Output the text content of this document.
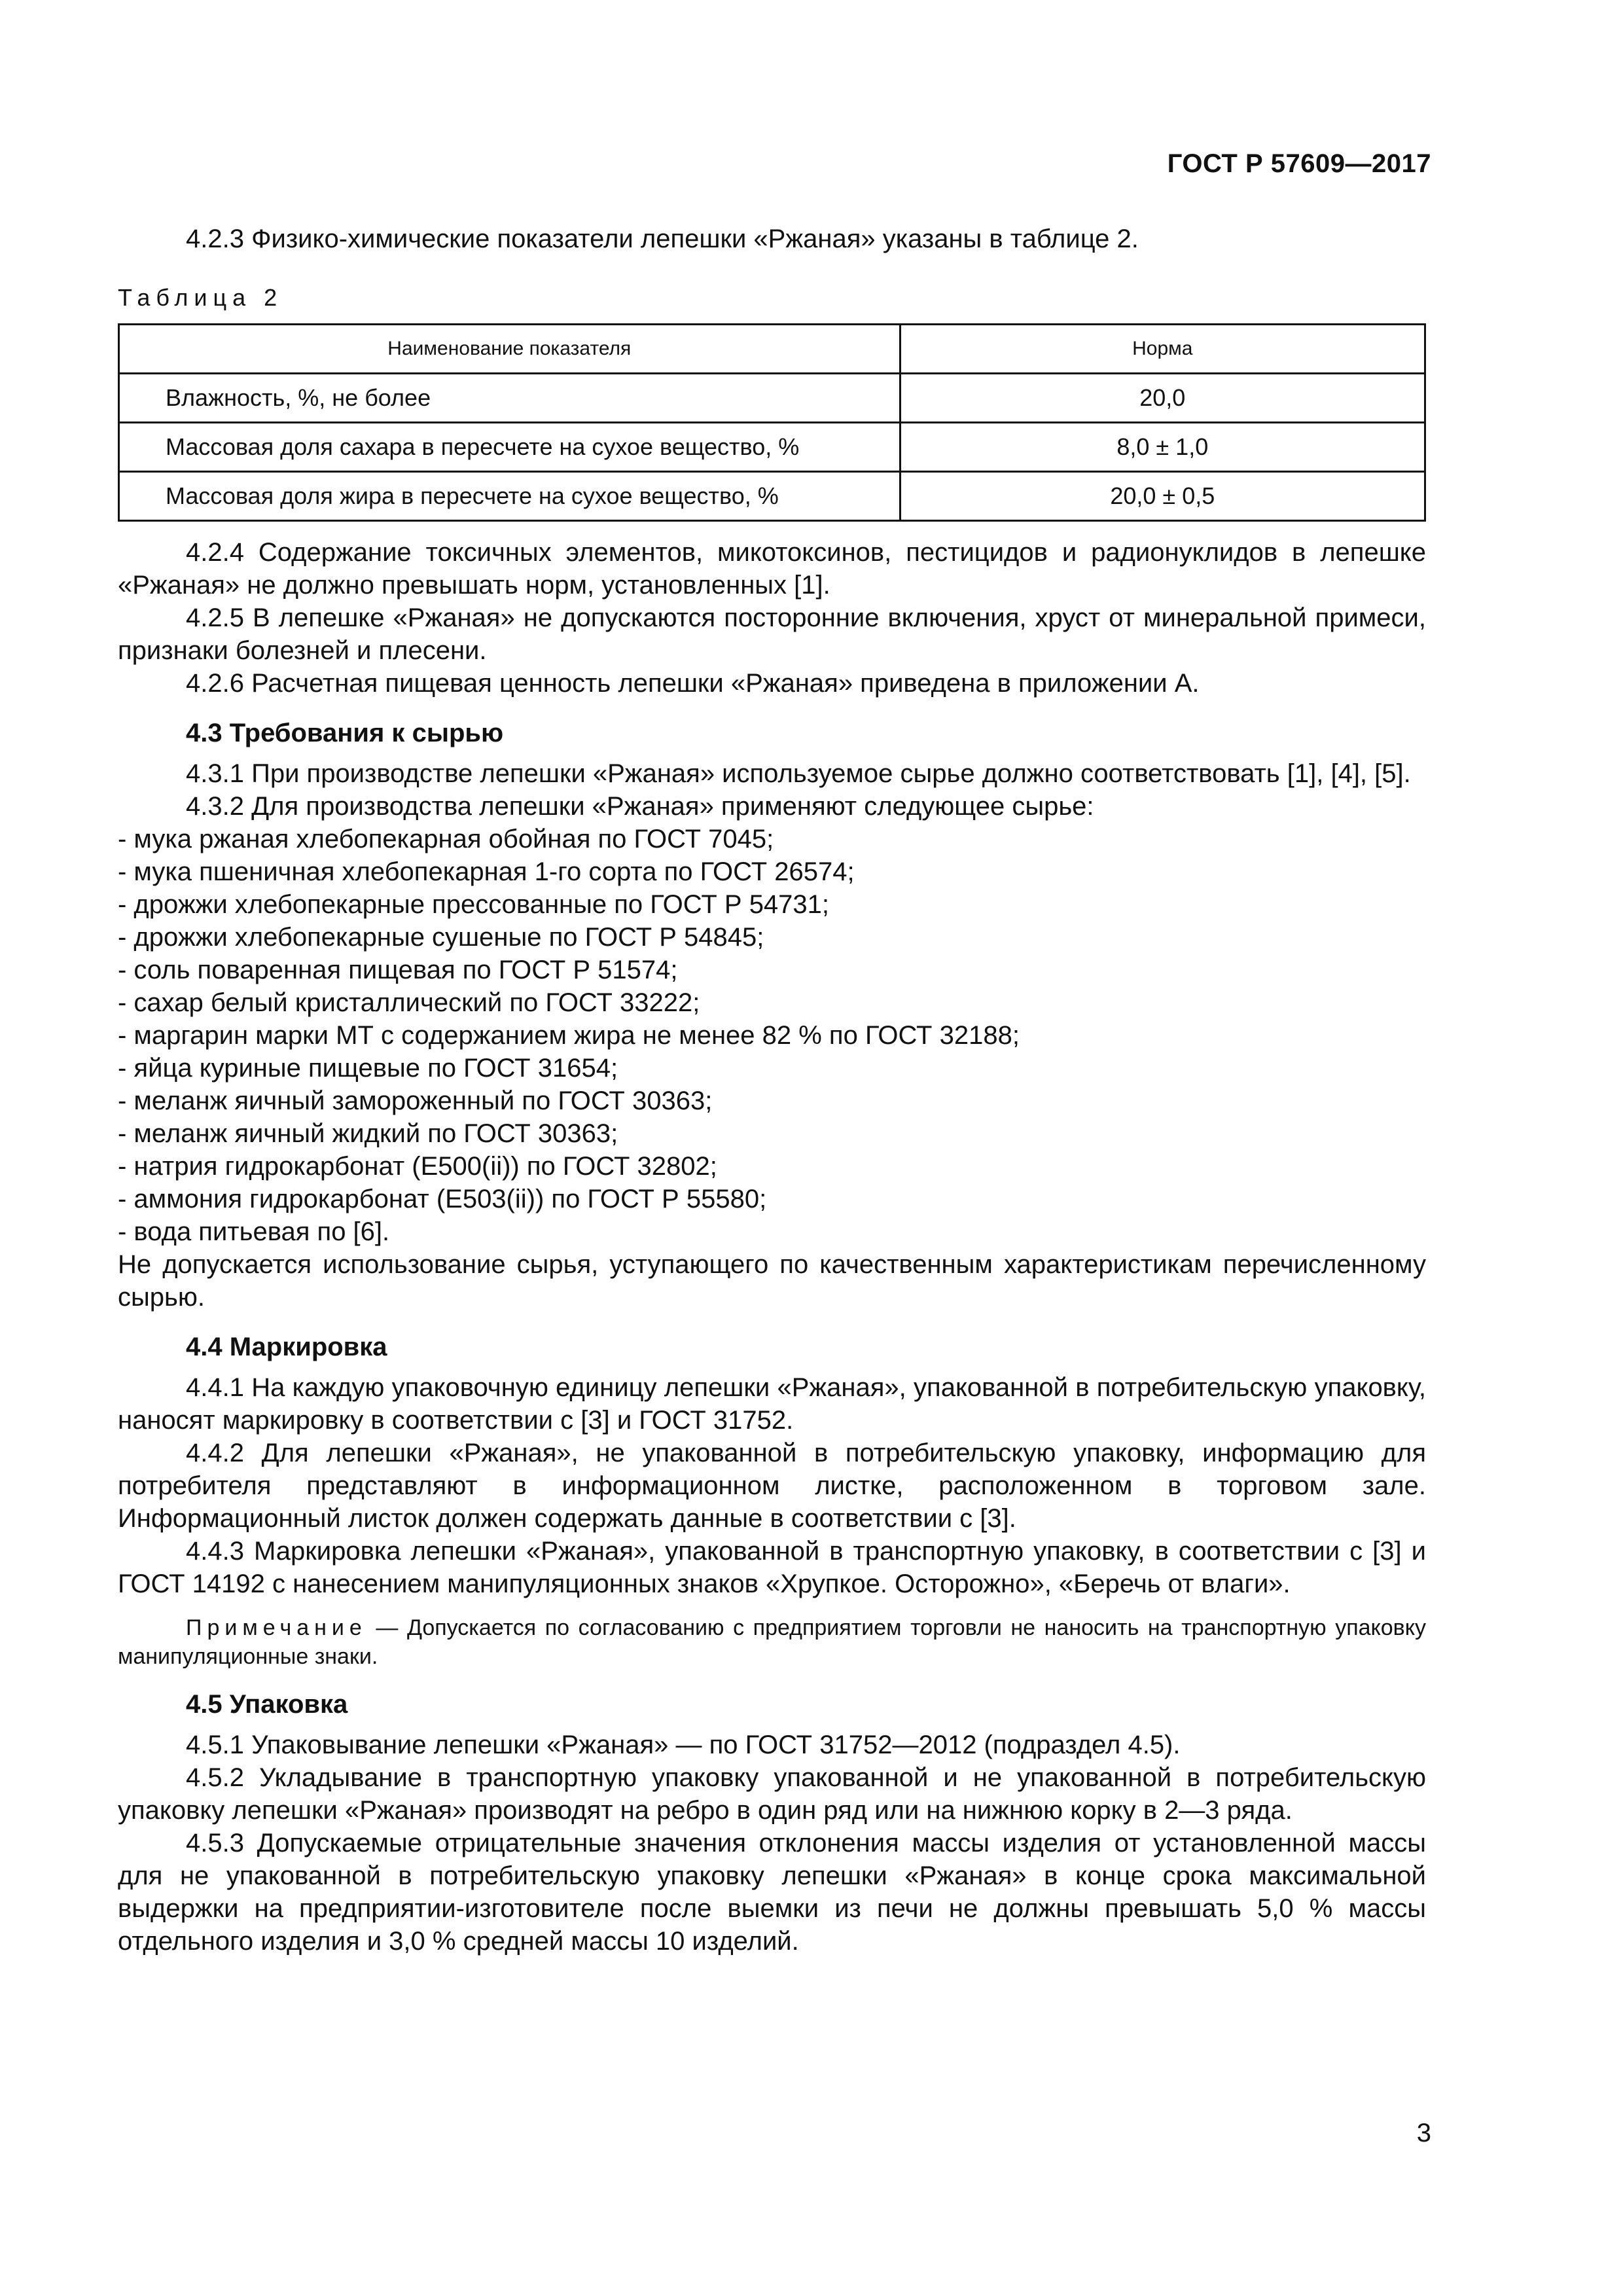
ГОСТ Р 57609—2017

4.2.3 Физико-химические показатели лепешки «Ржаная» указаны в таблице 2.

Таблица 2
Наименование показателя	Норма
Влажность, %, не более	20,0
Массовая доля сахара в пересчете на сухое вещество, %	8,0 ± 1,0
Массовая доля жира в пересчете на сухое вещество, %	20,0 ± 0,5

4.2.4 Содержание токсичных элементов, микотоксинов, пестицидов и радионуклидов в лепешке «Ржаная» не должно превышать норм, установленных [1].

4.2.5 В лепешке «Ржаная» не допускаются посторонние включения, хруст от минеральной примеси, признаки болезней и плесени.

4.2.6 Расчетная пищевая ценность лепешки «Ржаная» приведена в приложении А.

4.3 Требования к сырью

4.3.1 При производстве лепешки «Ржаная» используемое сырье должно соответствовать [1], [4], [5].

4.3.2 Для производства лепешки «Ржаная» применяют следующее сырье:

- мука ржаная хлебопекарная обойная по ГОСТ 7045;
- мука пшеничная хлебопекарная 1-го сорта по ГОСТ 26574;
- дрожжи хлебопекарные прессованные по ГОСТ Р 54731;
- дрожжи хлебопекарные сушеные по ГОСТ Р 54845;
- соль поваренная пищевая по ГОСТ Р 51574;
- сахар белый кристаллический по ГОСТ 33222;
- маргарин марки МТ с содержанием жира не менее 82 % по ГОСТ 32188;
- яйца куриные пищевые по ГОСТ 31654;
- меланж яичный замороженный по ГОСТ 30363;
- меланж яичный жидкий по ГОСТ 30363;
- натрия гидрокарбонат (Е500(ii)) по ГОСТ 32802;
- аммония гидрокарбонат (Е503(ii)) по ГОСТ Р 55580;
- вода питьевая по [6].

Не допускается использование сырья, уступающего по качественным характеристикам перечисленному сырью.

4.4 Маркировка

4.4.1 На каждую упаковочную единицу лепешки «Ржаная», упакованной в потребительскую упаковку, наносят маркировку в соответствии с [3] и ГОСТ 31752.

4.4.2 Для лепешки «Ржаная», не упакованной в потребительскую упаковку, информацию для потребителя представляют в информационном листке, расположенном в торговом зале. Информационный листок должен содержать данные в соответствии с [3].

4.4.3 Маркировка лепешки «Ржаная», упакованной в транспортную упаковку, в соответствии с [3] и ГОСТ 14192 с нанесением манипуляционных знаков «Хрупкое. Осторожно», «Беречь от влаги».

Примечание — Допускается по согласованию с предприятием торговли не наносить на транспортную упаковку манипуляционные знаки.
4.5 Упаковка

4.5.1 Упаковывание лепешки «Ржаная» — по ГОСТ 31752—2012 (подраздел 4.5).

4.5.2 Укладывание в транспортную упаковку упакованной и не упакованной в потребительскую упаковку лепешки «Ржаная» производят на ребро в один ряд или на нижнюю корку в 2—3 ряда.

4.5.3 Допускаемые отрицательные значения отклонения массы изделия от установленной массы для не упакованной в потребительскую упаковку лепешки «Ржаная» в конце срока максимальной выдержки на предприятии-изготовителе после выемки из печи не должны превышать 5,0 % массы отдельного изделия и 3,0 % средней массы 10 изделий.

3
